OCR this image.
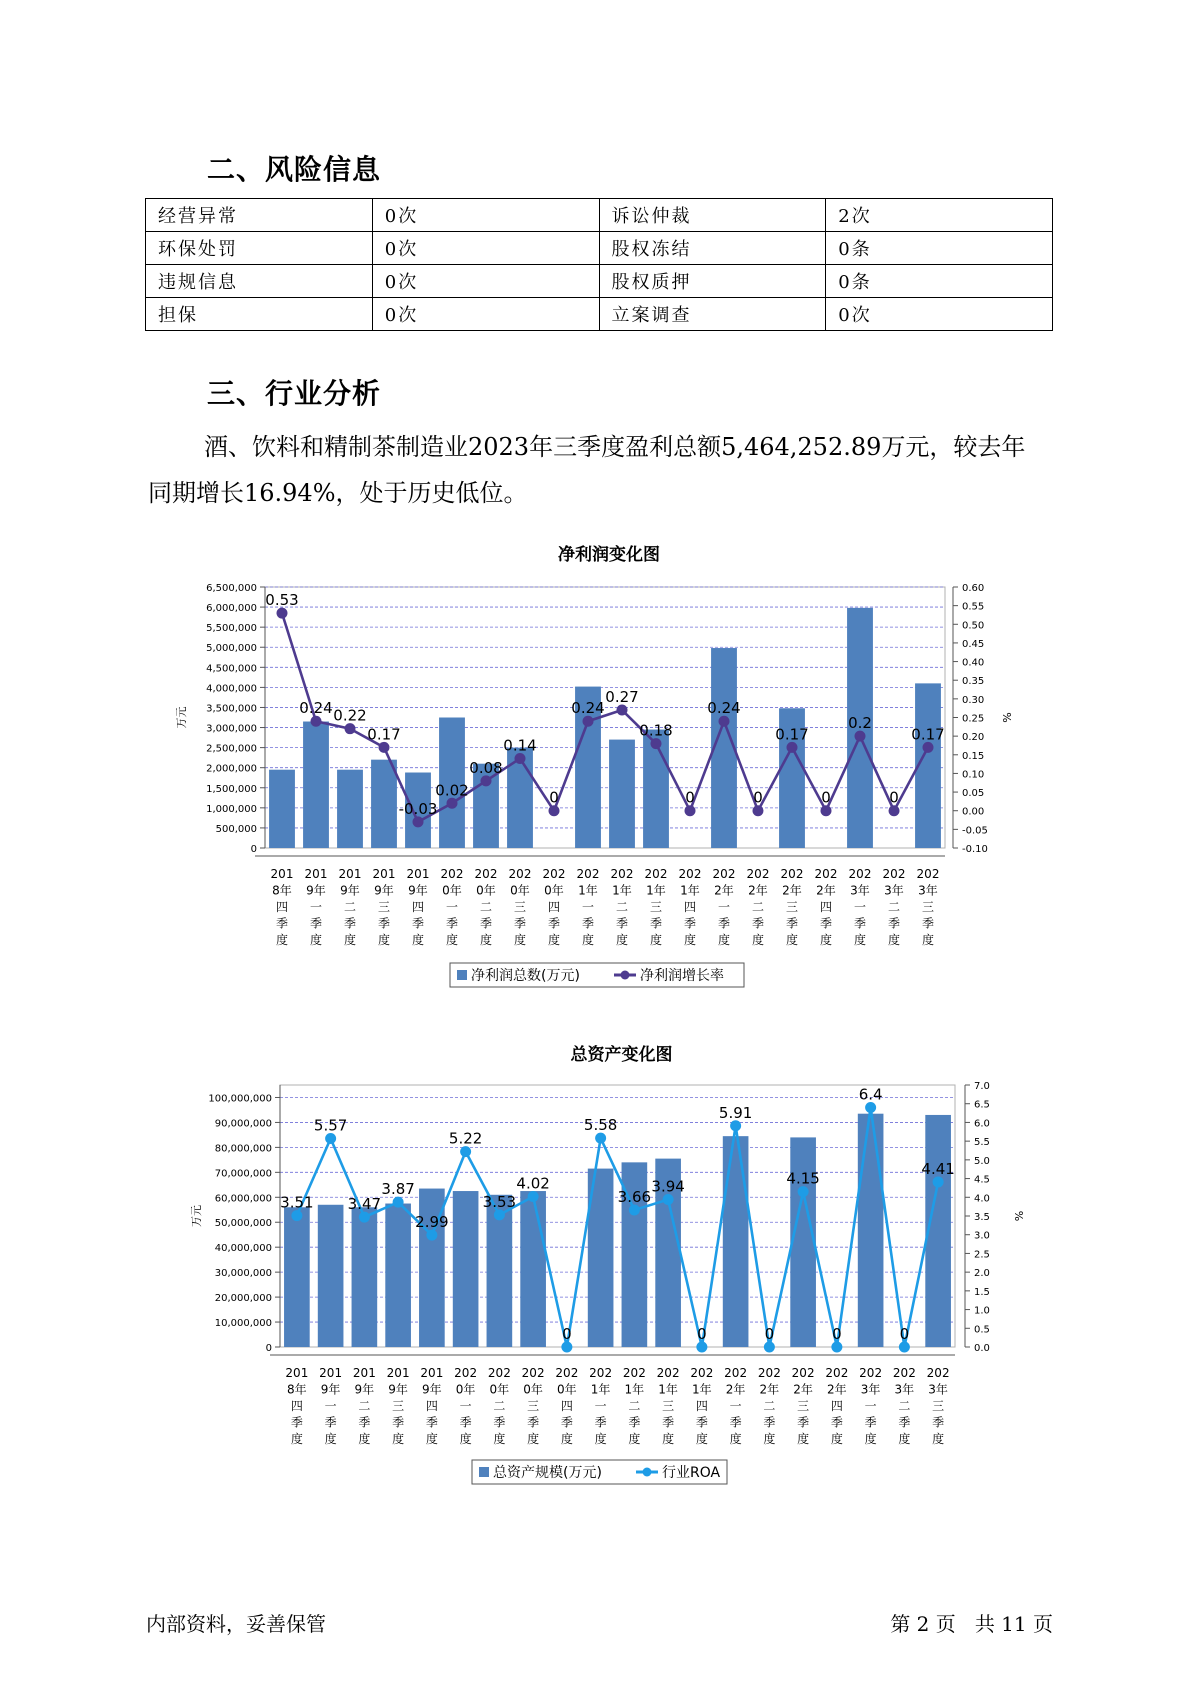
二、风险信息
经营异常	0次	诉讼仲裁	2次
环保处罚	0次	股权冻结	0条
违规信息	0次	股权质押	0条
担保	0次	立案调查	0次
三、行业分析
酒、饮料和精制茶制造业2023年三季度盈利总额5,464,252.89万元，较去年同期增长16.94%，处于历史低位。
净利润变化图
0
500,000
1,000,000
1,500,000
2,000,000
2,500,000
3,000,000
3,500,000
4,000,000
4,500,000
5,000,000
5,500,000
6,000,000
6,500,000
-0.10
-0.05
0.00
0.05
0.10
0.15
0.20
0.25
0.30
0.35
0.40
0.45
0.50
0.55
0.60
万元	%
201 8年四季度
201 9年一季度
201 9年二季度
201 9年三季度
201 9年四季度
202 0年一季度
202 0年二季度
202 0年三季度
202 0年四季度
202 1年一季度
202 1年二季度
202 1年三季度
202 1年四季度
202 2年一季度
202 2年二季度
202 2年三季度
202 2年四季度
202 3年一季度
202 3年二季度
202 3年三季度
0.53
0.24 0.22
0.17
-0.03
0.02
0.08
0.14
0
0.24
0.27
0.18
0
0.24
0
0.17
0
0.2
0
0.17
净利润总数(万元)	净利润增长率
总资产变化图
0
10,000,000
20,000,000
30,000,000
40,000,000
50,000,000
60,000,000
70,000,000
80,000,000
90,000,000
100,000,000
0.0
0.5
1.0
1.5
2.0
2.5
3.0
3.5
4.0
4.5
5.0
5.5
6.0
6.5
7.0
万元	%
201 8年四季度
201 9年一季度
201 9年二季度
201 9年三季度
201 9年四季度
202 0年一季度
202 0年二季度
202 0年三季度
202 0年四季度
202 1年一季度
202 1年二季度
202 1年三季度
202 1年四季度
202 2年一季度
202 2年二季度
202 2年三季度
202 2年四季度
202 3年一季度
202 3年二季度
202 3年三季度
3.51
5.57
3.47
3.87
2.99
5.22
3.53
4.02
0
5.58
3.66
3.94
0
5.91
0
4.15
0
6.4
0
4.41
总资产规模(万元)	行业ROA
内部资料，妥善保管	第 2 页   共 11 页
